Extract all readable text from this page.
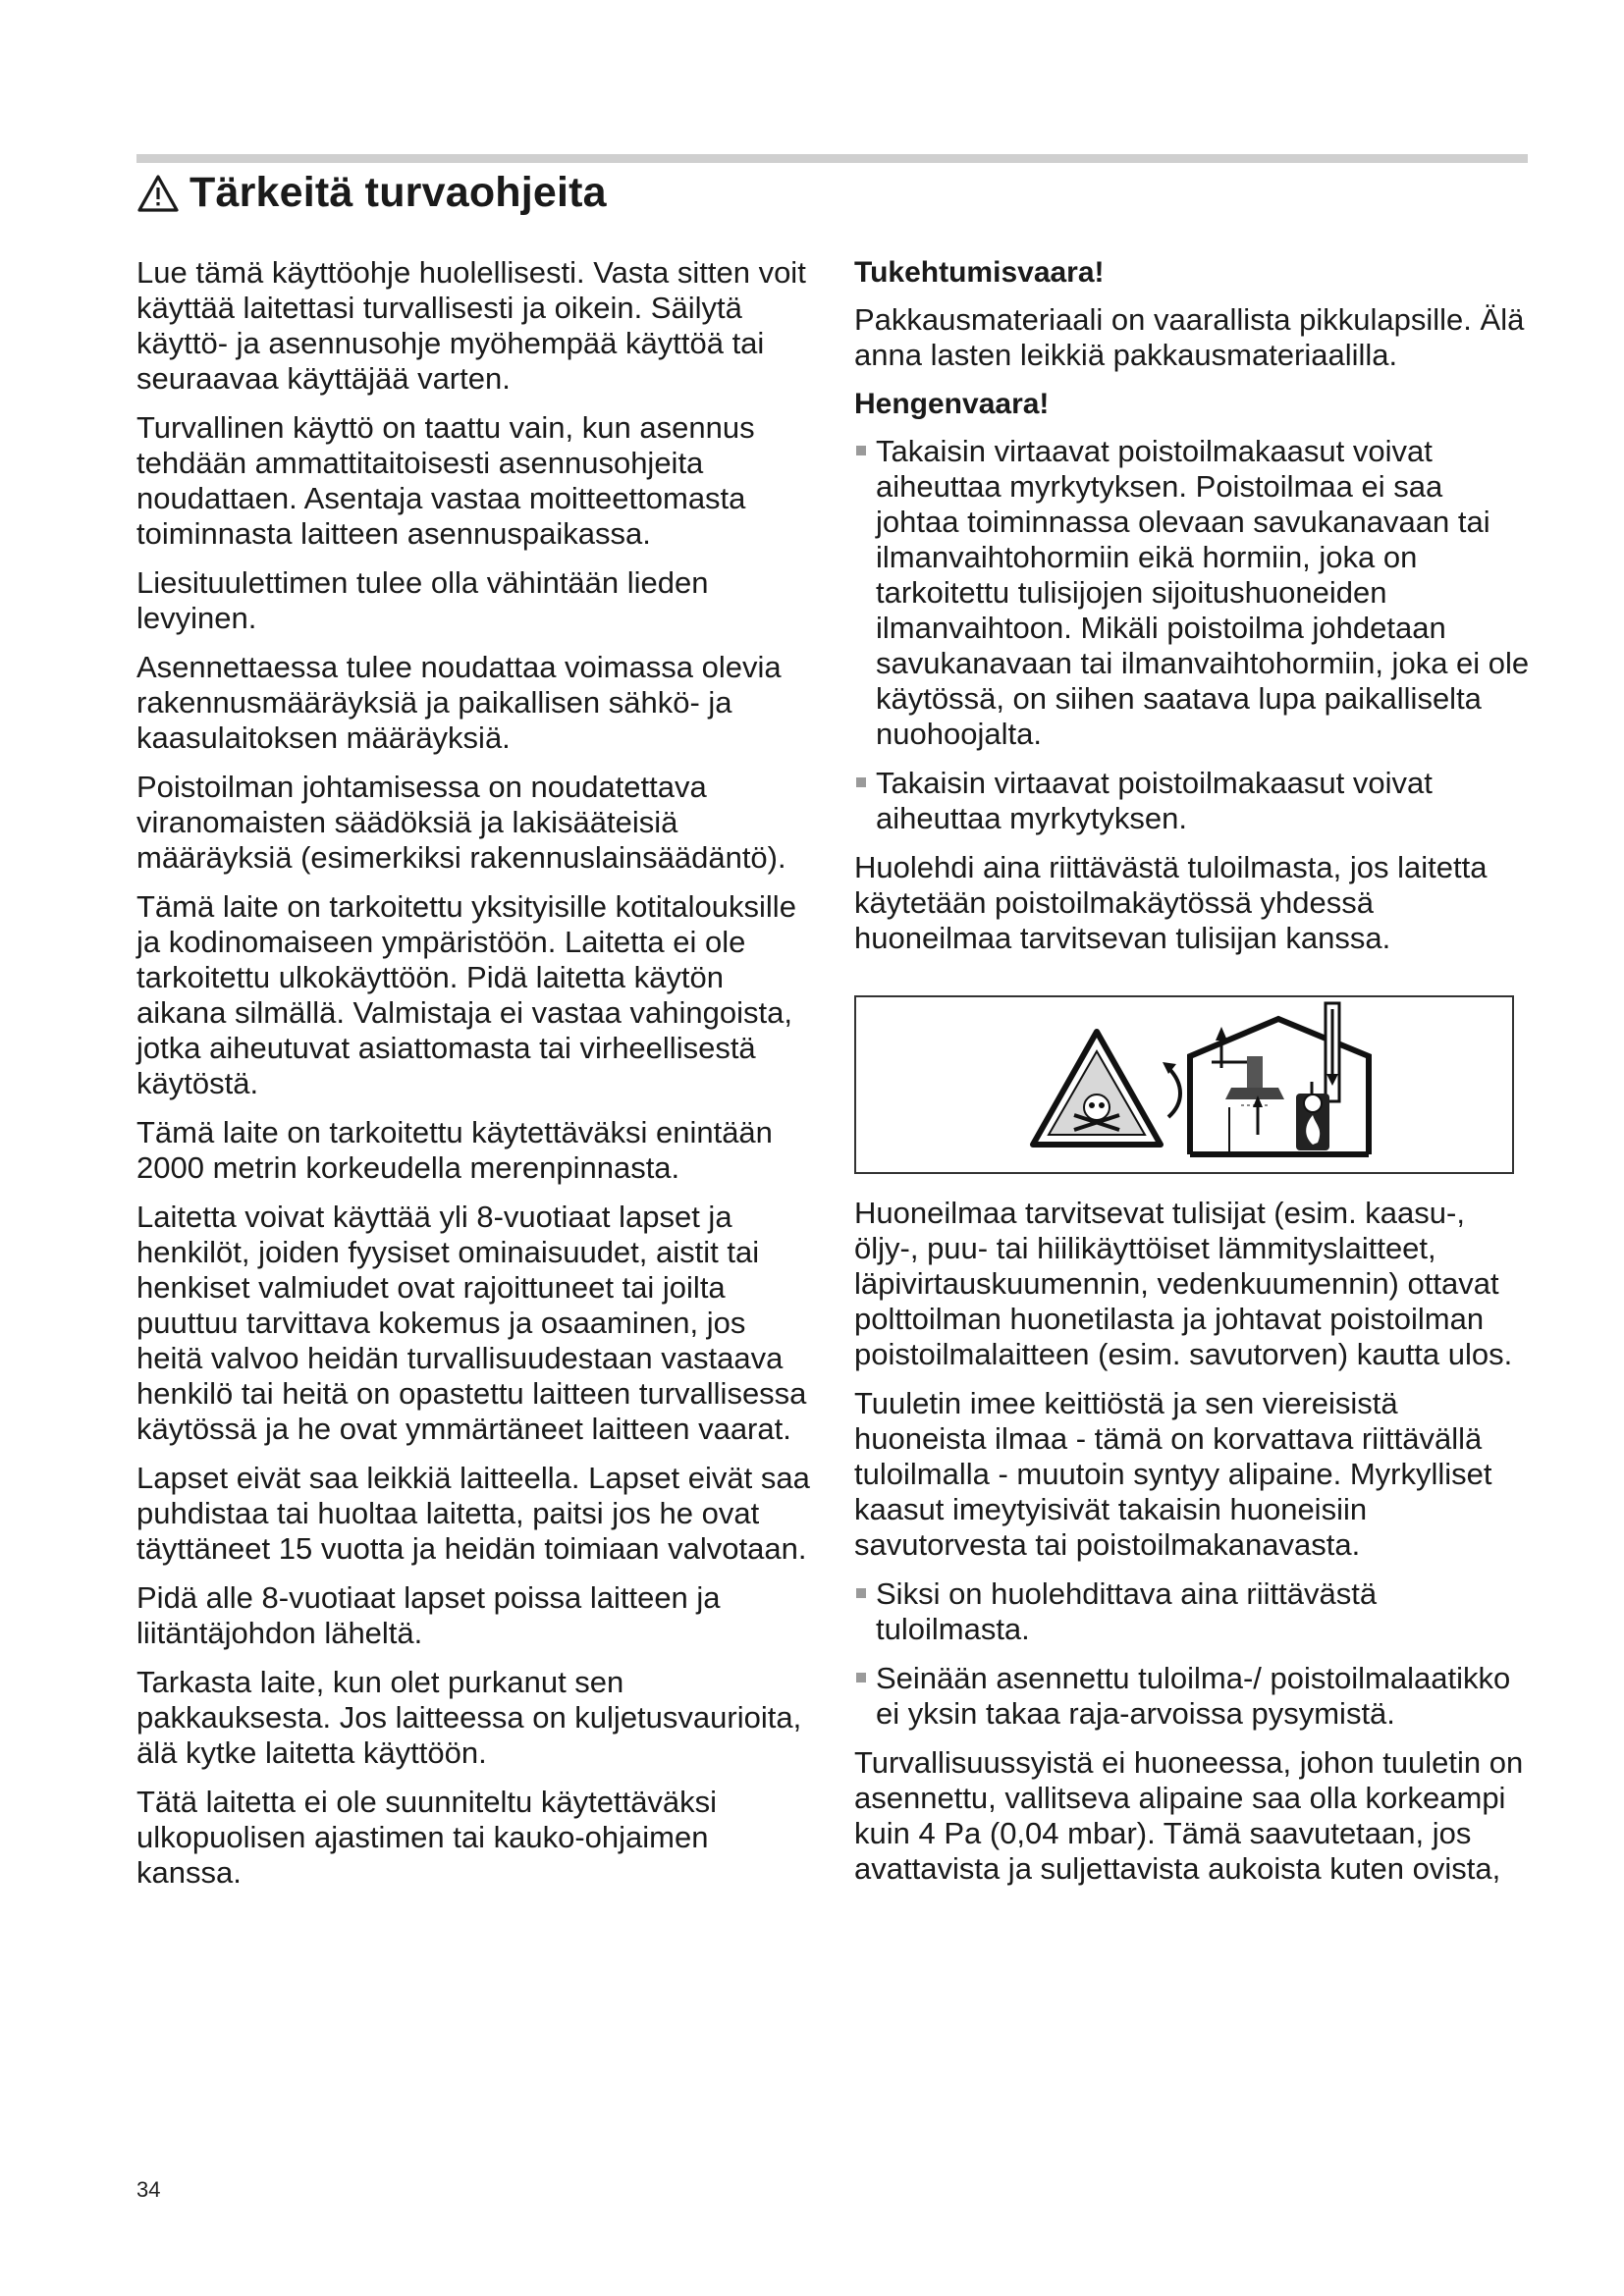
Tärkeitä turvaohjeita

Lue tämä käyttöohje huolellisesti. Vasta sitten voit käyttää laitettasi turvallisesti ja oikein. Säilytä käyttö- ja asennusohje myöhempää käyttöä tai seuraavaa käyttäjää varten.

Turvallinen käyttö on taattu vain, kun asennus tehdään ammattitaitoisesti asennusohjeita noudattaen. Asentaja vastaa moitteettomasta toiminnasta laitteen asennuspaikassa.

Liesituulettimen tulee olla vähintään lieden levyinen.

Asennettaessa tulee noudattaa voimassa olevia rakennusmääräyksiä ja paikallisen sähkö- ja kaasulaitoksen määräyksiä.

Poistoilman johtamisessa on noudatettava viranomaisten säädöksiä ja lakisääteisiä määräyksiä (esimerkiksi rakennuslainsäädäntö).

Tämä laite on tarkoitettu yksityisille kotitalouksille ja kodinomaiseen ympäristöön. Laitetta ei ole tarkoitettu ulkokäyttöön. Pidä laitetta käytön aikana silmällä. Valmistaja ei vastaa vahingoista, jotka aiheutuvat asiattomasta tai virheellisestä käytöstä.

Tämä laite on tarkoitettu käytettäväksi enintään 2000 metrin korkeudella merenpinnasta.

Laitetta voivat käyttää yli 8-vuotiaat lapset ja henkilöt, joiden fyysiset ominaisuudet, aistit tai henkiset valmiudet ovat rajoittuneet tai joilta puuttuu tarvittava kokemus ja osaaminen, jos heitä valvoo heidän turvallisuudestaan vastaava henkilö tai heitä on opastettu laitteen turvallisessa käytössä ja he ovat ymmärtäneet laitteen vaarat.

Lapset eivät saa leikkiä laitteella. Lapset eivät saa puhdistaa tai huoltaa laitetta, paitsi jos he ovat täyttäneet 15 vuotta ja heidän toimiaan valvotaan.

Pidä alle 8-vuotiaat lapset poissa laitteen ja liitäntäjohdon läheltä.

Tarkasta laite, kun olet purkanut sen pakkauksesta. Jos laitteessa on kuljetusvaurioita, älä kytke laitetta käyttöön.

Tätä laitetta ei ole suunniteltu käytettäväksi ulkopuolisen ajastimen tai kauko-ohjaimen kanssa.

Tukehtumisvaara!

Pakkausmateriaali on vaarallista pikkulapsille. Älä anna lasten leikkiä pakkausmateriaalilla.

Hengenvaara!

Takaisin virtaavat poistoilmakaasut voivat aiheuttaa myrkytyksen. Poistoilmaa ei saa johtaa toiminnassa olevaan savukanavaan tai ilmanvaihtohormiin eikä hormiin, joka on tarkoitettu tulisijojen sijoitushuoneiden ilmanvaihtoon. Mikäli poistoilma johdetaan savukanavaan tai ilmanvaihtohormiin, joka ei ole käytössä, on siihen saatava lupa paikalliselta nuohoojalta.

Takaisin virtaavat poistoilmakaasut voivat aiheuttaa myrkytyksen.

Huolehdi aina riittävästä tuloilmasta, jos laitetta käytetään poistoilmakäytössä yhdessä huoneilmaa tarvitsevan tulisijan kanssa.

Huoneilmaa tarvitsevat tulisijat (esim. kaasu-, öljy-, puu- tai hiilikäyttöiset lämmityslaitteet, läpivirtauskuumennin, vedenkuumennin) ottavat polttoilman huonetilasta ja johtavat poistoilman poistoilmalaitteen (esim. savutorven) kautta ulos.

Tuuletin imee keittiöstä ja sen viereisistä huoneista ilmaa - tämä on korvattava riittävällä tuloilmalla - muutoin syntyy alipaine. Myrkylliset kaasut imeytyisivät takaisin huoneisiin savutorvesta tai poistoilmakanavasta.

Siksi on huolehdittava aina riittävästä tuloilmasta.

Seinään asennettu tuloilma-/ poistoilmalaatikko ei yksin takaa raja-arvoissa pysymistä.

Turvallisuussyistä ei huoneessa, johon tuuletin on asennettu, vallitseva alipaine saa olla korkeampi kuin 4 Pa (0,04 mbar). Tämä saavutetaan, jos avattavista ja suljettavista aukoista kuten ovista,

34
